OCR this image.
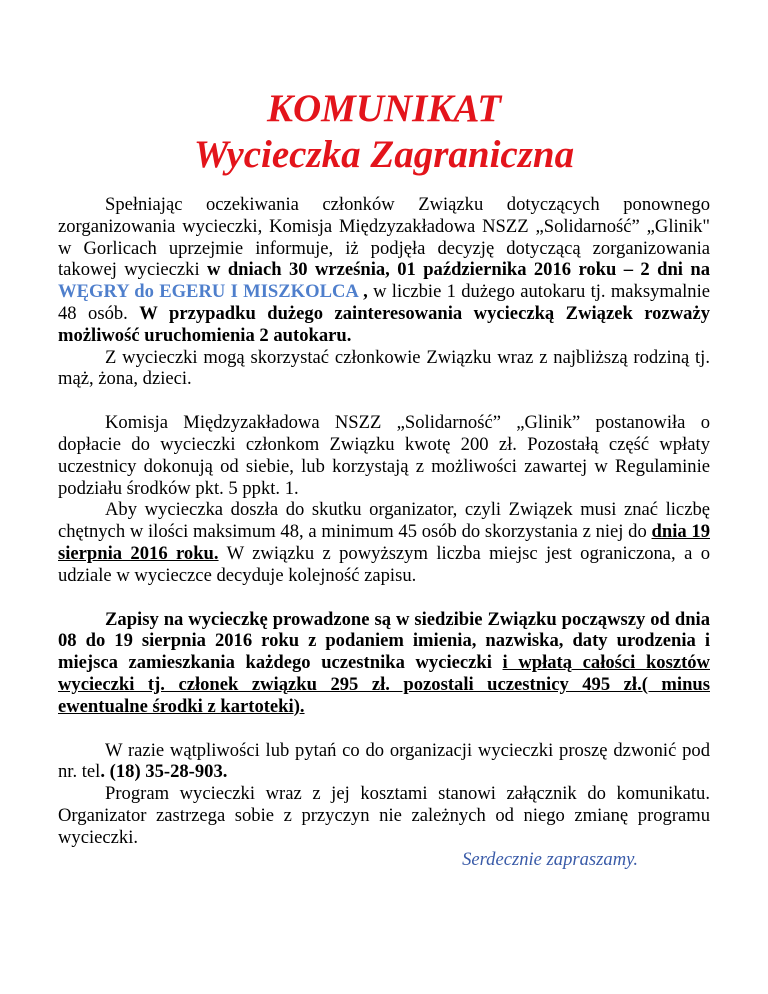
KOMUNIKAT
Wycieczka Zagraniczna

Spełniając oczekiwania członków Związku dotyczących ponownego zorganizowania wycieczki, Komisja Międzyzakładowa NSZZ „Solidarność” „Glinik" w Gorlicach uprzejmie informuje, iż podjęła decyzję dotyczącą zorganizowania takowej wycieczki w dniach 30 września, 01 października 2016 roku – 2 dni na WĘGRY do EGERU I MISZKOLCA , w liczbie 1 dużego autokaru tj. maksymalnie 48 osób. W przypadku dużego zainteresowania wycieczką Związek rozważy możliwość uruchomienia 2 autokaru.

Z wycieczki mogą skorzystać członkowie Związku wraz z najbliższą rodziną tj. mąż, żona, dzieci.

Komisja Międzyzakładowa NSZZ „Solidarność” „Glinik” postanowiła o dopłacie do wycieczki członkom Związku kwotę 200 zł. Pozostałą część wpłaty uczestnicy dokonują od siebie, lub korzystają z możliwości zawartej w Regulaminie podziału środków pkt. 5 ppkt. 1.

Aby wycieczka doszła do skutku organizator, czyli Związek musi znać liczbę chętnych w ilości maksimum 48, a minimum 45 osób do skorzystania z niej do dnia 19 sierpnia 2016 roku. W związku z powyższym liczba miejsc jest ograniczona, a o udziale w wycieczce decyduje kolejność zapisu.

Zapisy na wycieczkę prowadzone są w siedzibie Związku począwszy od dnia 08 do 19 sierpnia 2016 roku z podaniem imienia, nazwiska, daty urodzenia i miejsca zamieszkania każdego uczestnika wycieczki i wpłatą całości kosztów wycieczki tj. członek związku 295 zł. pozostali uczestnicy 495 zł.( minus ewentualne środki z kartoteki).

W razie wątpliwości lub pytań co do organizacji wycieczki proszę dzwonić pod nr. tel. (18) 35-28-903.

Program wycieczki wraz z jej kosztami stanowi załącznik do komunikatu. Organizator zastrzega sobie z przyczyn nie zależnych od niego zmianę programu wycieczki.

Serdecznie zapraszamy.
